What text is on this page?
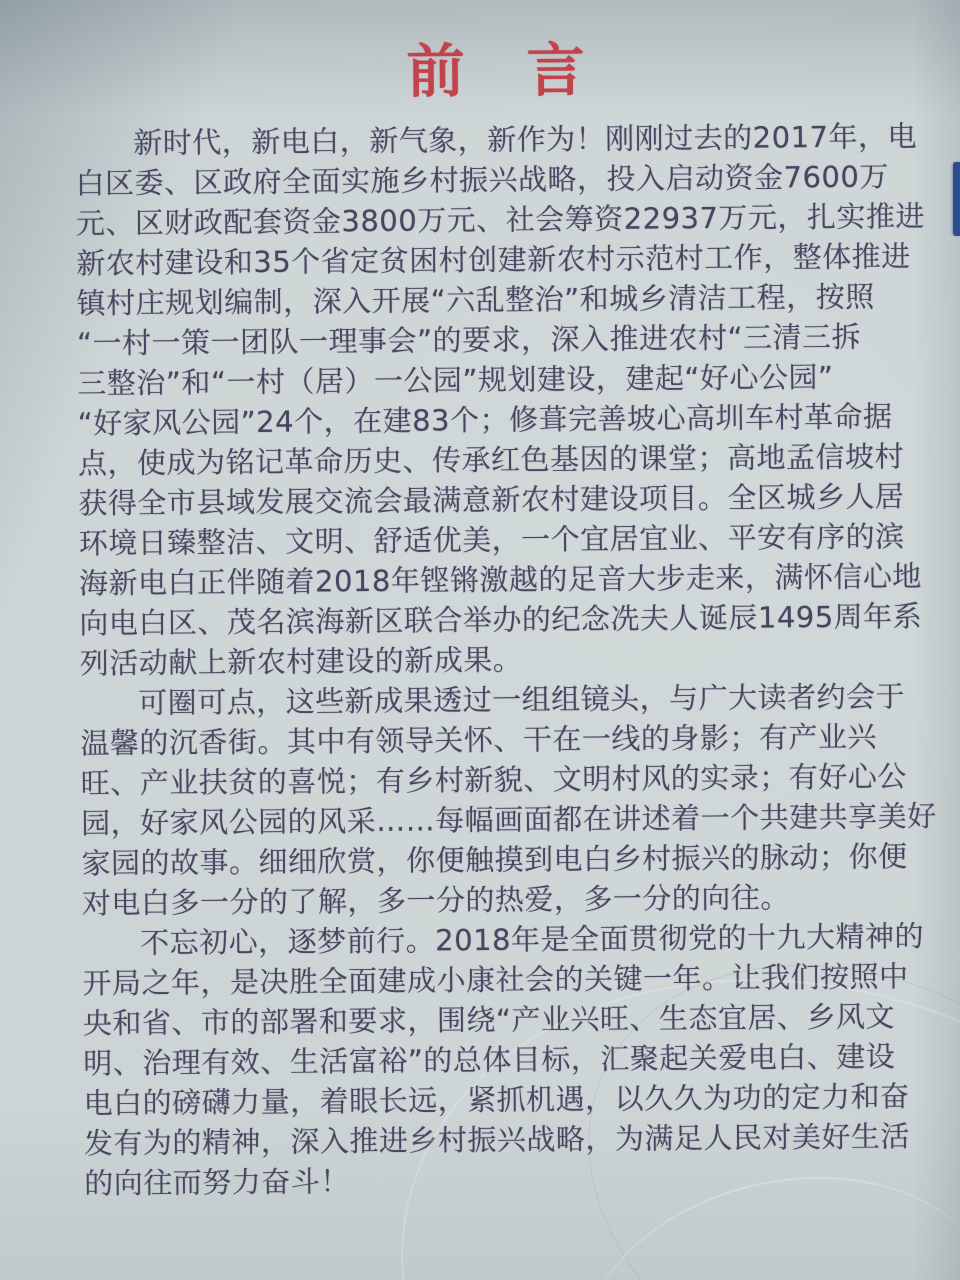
前　言
新时代，新电白，新气象，新作为！刚刚过去的2017年，电
白区委、区政府全面实施乡村振兴战略，投入启动资金7600万
元、区财政配套资金3800万元、社会筹资22937万元，扎实推进
新农村建设和35个省定贫困村创建新农村示范村工作，整体推进
镇村庄规划编制，深入开展“六乱整治”和城乡清洁工程，按照
“一村一策一团队一理事会”的要求，深入推进农村“三清三拆
三整治”和“一村（居）一公园”规划建设，建起“好心公园”
“好家风公园”24个，在建83个；修葺完善坡心高圳车村革命据
点，使成为铭记革命历史、传承红色基因的课堂；高地孟信坡村
获得全市县域发展交流会最满意新农村建设项目。全区城乡人居
环境日臻整洁、文明、舒适优美，一个宜居宜业、平安有序的滨
海新电白正伴随着2018年铿锵激越的足音大步走来，满怀信心地
向电白区、茂名滨海新区联合举办的纪念冼夫人诞辰1495周年系
列活动献上新农村建设的新成果。
可圈可点，这些新成果透过一组组镜头，与广大读者约会于
温馨的沉香街。其中有领导关怀、干在一线的身影；有产业兴
旺、产业扶贫的喜悦；有乡村新貌、文明村风的实录；有好心公
园，好家风公园的风采……每幅画面都在讲述着一个共建共享美好
家园的故事。细细欣赏，你便触摸到电白乡村振兴的脉动；你便
对电白多一分的了解，多一分的热爱，多一分的向往。
不忘初心，逐梦前行。2018年是全面贯彻党的十九大精神的
开局之年，是决胜全面建成小康社会的关键一年。让我们按照中
央和省、市的部署和要求，围绕“产业兴旺、生态宜居、乡风文
明、治理有效、生活富裕”的总体目标，汇聚起关爱电白、建设
电白的磅礴力量，着眼长远，紧抓机遇，以久久为功的定力和奋
发有为的精神，深入推进乡村振兴战略，为满足人民对美好生活
的向往而努力奋斗！
